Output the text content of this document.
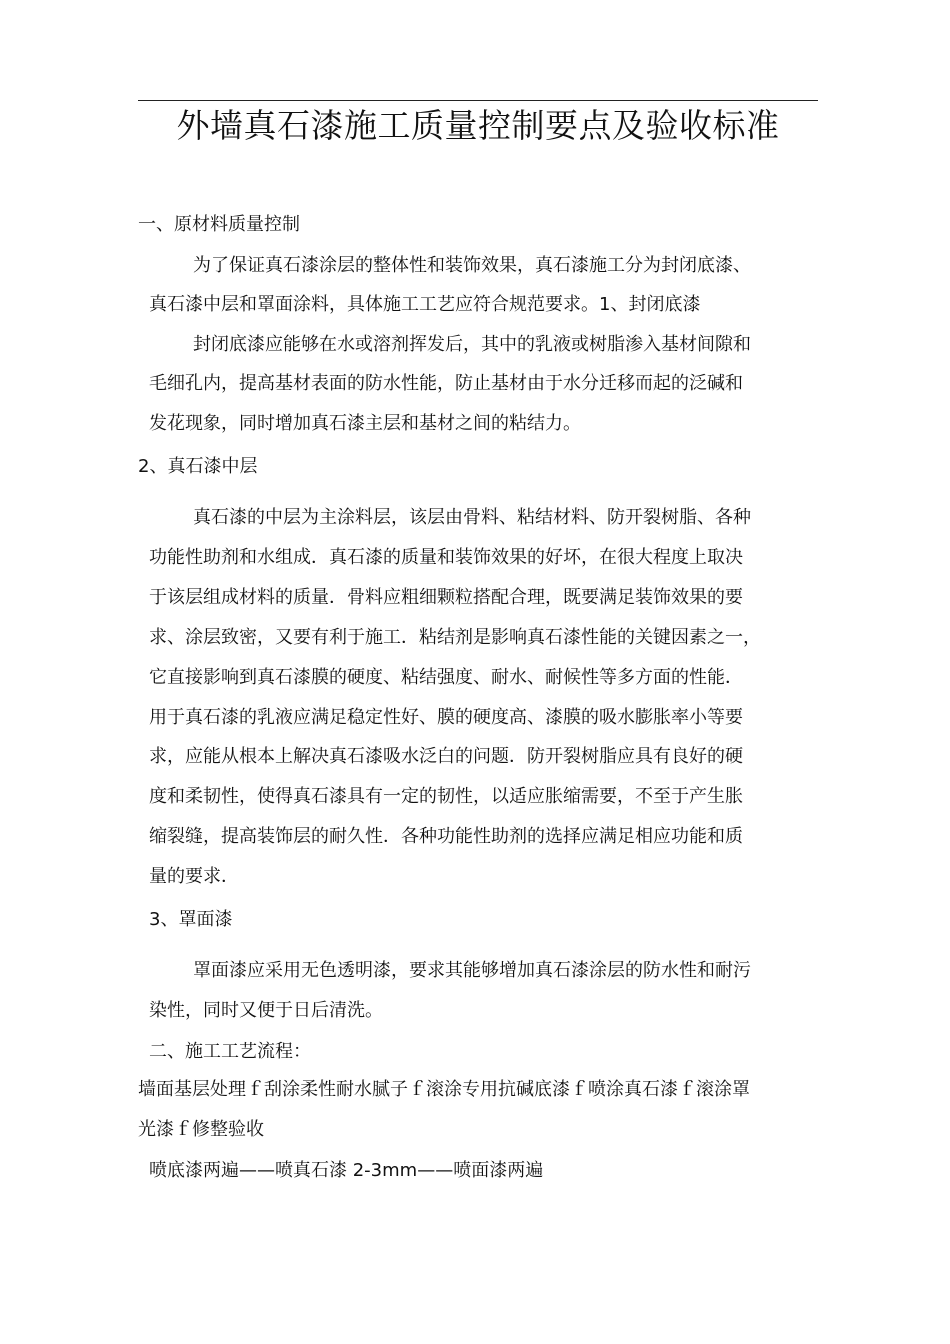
外墙真石漆施工质量控制要点及验收标准
一、原材料质量控制
为了保证真石漆涂层的整体性和装饰效果，真石漆施工分为封闭底漆、
真石漆中层和罩面涂料，具体施工工艺应符合规范要求。1、封闭底漆
封闭底漆应能够在水或溶剂挥发后，其中的乳液或树脂渗入基材间隙和
毛细孔内，提高基材表面的防水性能，防止基材由于水分迁移而起的泛碱和
发花现象，同时增加真石漆主层和基材之间的粘结力。
2、真石漆中层
真石漆的中层为主涂料层，该层由骨料、粘结材料、防开裂树脂、各种
功能性助剂和水组成．真石漆的质量和装饰效果的好坏，在很大程度上取决
于该层组成材料的质量．骨料应粗细颗粒搭配合理，既要满足装饰效果的要
求、涂层致密，又要有利于施工．粘结剂是影响真石漆性能的关键因素之一，
它直接影响到真石漆膜的硬度、粘结强度、耐水、耐候性等多方面的性能．
用于真石漆的乳液应满足稳定性好、膜的硬度高、漆膜的吸水膨胀率小等要
求，应能从根本上解决真石漆吸水泛白的问题．防开裂树脂应具有良好的硬
度和柔韧性，使得真石漆具有一定的韧性，以适应胀缩需要，不至于产生胀
缩裂缝，提高装饰层的耐久性．各种功能性助剂的选择应满足相应功能和质
量的要求．
3、罩面漆
罩面漆应采用无色透明漆，要求其能够增加真石漆涂层的防水性和耐污
染性，同时又便于日后清洗。
二、施工工艺流程：
墙面基层处理ｆ刮涂柔性耐水腻子ｆ滚涂专用抗碱底漆ｆ喷涂真石漆ｆ滚涂罩
光漆ｆ修整验收
喷底漆两遍——喷真石漆 2-3mm——喷面漆两遍
